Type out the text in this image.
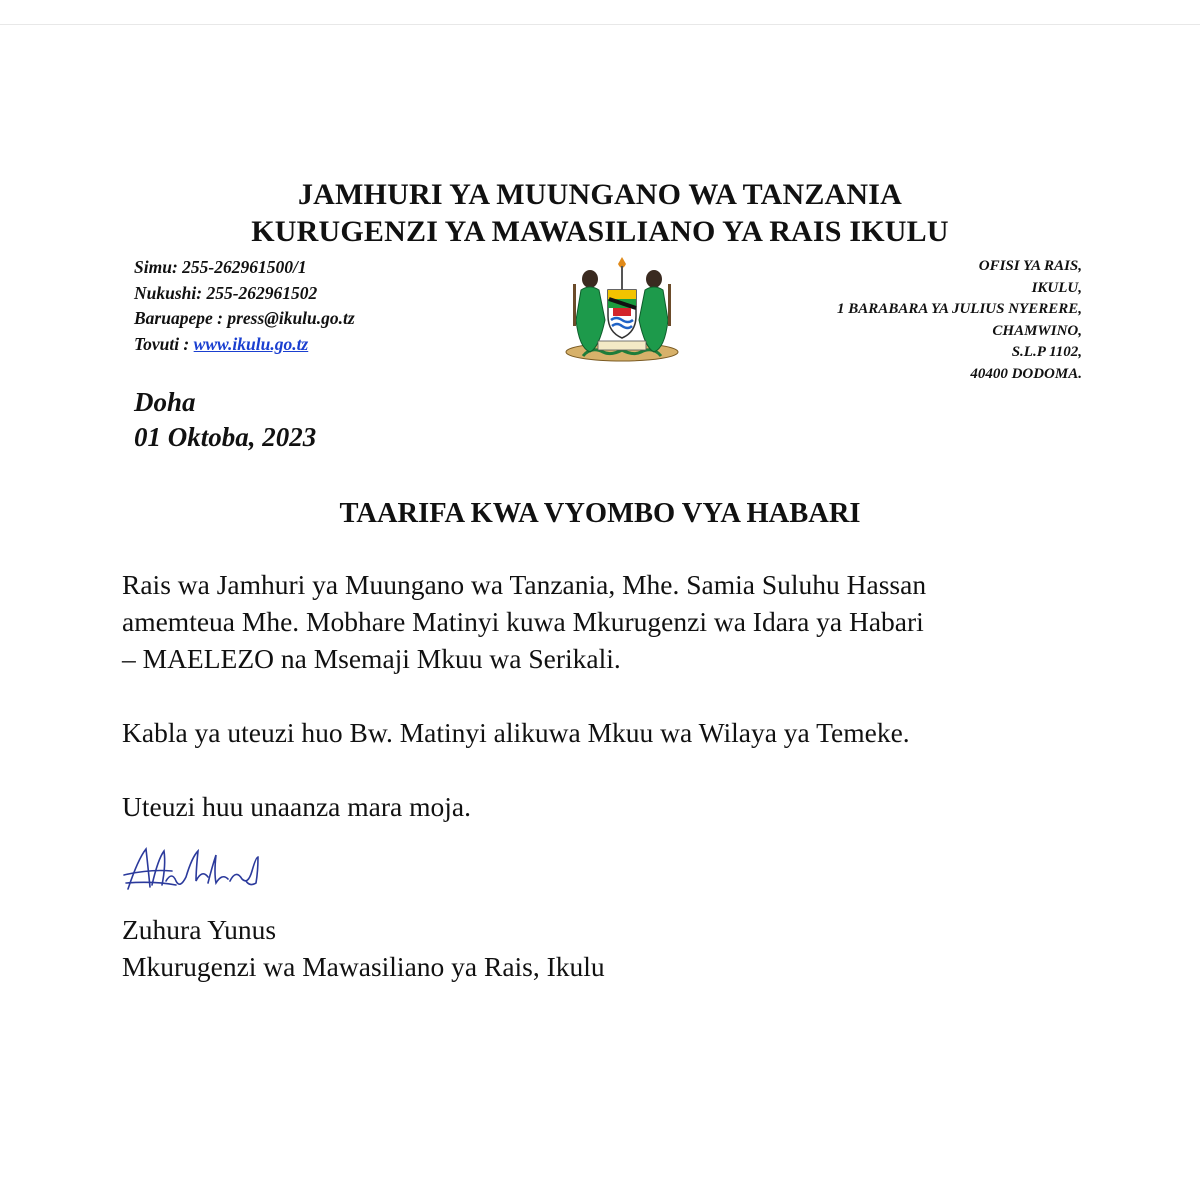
JAMHURI YA MUUNGANO WA TANZANIA
KURUGENZI YA MAWASILIANO YA RAIS IKULU
Simu: 255-262961500/1
Nukushi: 255-262961502
Baruapepe : press@ikulu.go.tz
Tovuti : www.ikulu.go.tz
OFISI YA RAIS,
IKULU,
1 BARABARA YA JULIUS NYERERE,
CHAMWINO,
S.L.P 1102,
40400 DODOMA.
Doha
01 Oktoba, 2023
TAARIFA KWA VYOMBO VYA HABARI
Rais wa Jamhuri ya Muungano wa Tanzania, Mhe. Samia Suluhu Hassan
amemteua Mhe. Mobhare Matinyi kuwa Mkurugenzi wa Idara ya Habari
– MAELEZO na Msemaji Mkuu wa Serikali.
Kabla ya uteuzi huo Bw. Matinyi alikuwa Mkuu wa Wilaya ya Temeke.
Uteuzi huu unaanza mara moja.
Zuhura Yunus
Mkurugenzi wa Mawasiliano ya Rais, Ikulu
